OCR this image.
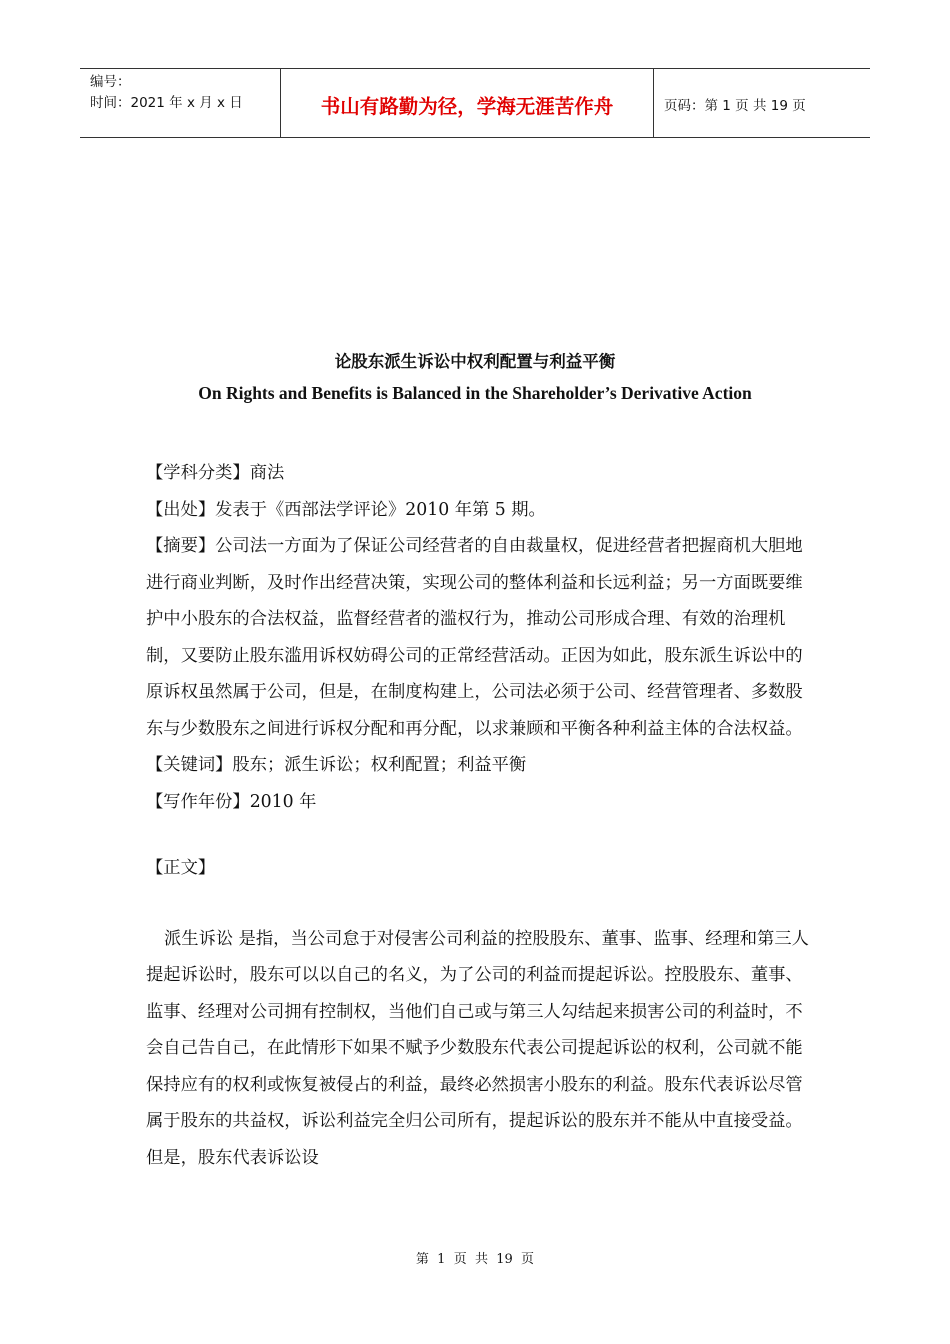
编号：
时间：2021 年 x 月 x 日	书山有路勤为径，学海无涯苦作舟	页码：第 1 页 共 19 页
论股东派生诉讼中权利配置与利益平衡
On Rights and Benefits is Balanced in the Shareholder’s Derivative Action
【学科分类】商法
【出处】发表于《西部法学评论》2010 年第 5 期。

【摘要】公司法一方面为了保证公司经营者的自由裁量权，促进经营者把握商机大胆地进行商业判断，及时作出经营决策，实现公司的整体利益和长远利益；另一方面既要维护中小股东的合法权益，监督经营者的滥权行为，推动公司形成合理、有效的治理机制，又要防止股东滥用诉权妨碍公司的正常经营活动。正因为如此，股东派生诉讼中的原诉权虽然属于公司，但是，在制度构建上，公司法必须于公司、经营管理者、多数股东与少数股东之间进行诉权分配和再分配，以求兼顾和平衡各种利益主体的合法权益。

【关键词】股东；派生诉讼；权利配置；利益平衡
【写作年份】2010 年
【正文】

派生诉讼 是指，当公司怠于对侵害公司利益的控股股东、董事、监事、经理和第三人提起诉讼时，股东可以以自己的名义，为了公司的利益而提起诉讼。控股股东、董事、监事、经理对公司拥有控制权，当他们自己或与第三人勾结起来损害公司的利益时，不会自己告自己，在此情形下如果不赋予少数股东代表公司提起诉讼的权利，公司就不能保持应有的权利或恢复被侵占的利益，最终必然损害小股东的利益。股东代表诉讼尽管属于股东的共益权，诉讼利益完全归公司所有，提起诉讼的股东并不能从中直接受益。但是，股东代表诉讼设

第  1  页  共  19  页
